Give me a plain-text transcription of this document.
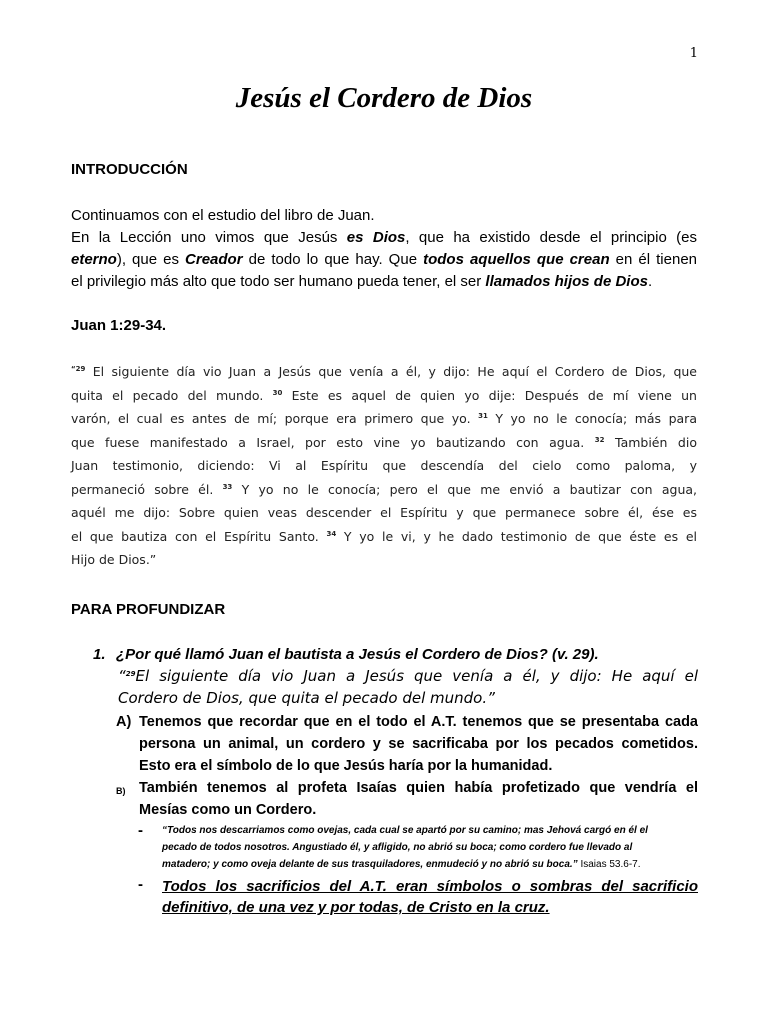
1
Jesús el Cordero de Dios
INTRODUCCIÓN
Continuamos con el estudio del libro de Juan.
En la Lección uno vimos que Jesús es Dios, que ha existido desde el principio (es
eterno), que es Creador de todo lo que hay. Que todos aquellos que crean en él tienen
el privilegio más alto que todo ser humano pueda tener, el ser llamados hijos de Dios.
Juan 1:29-34.
$^{“29}$ El siguiente día vio Juan a Jesús que venía a él, y dijo: He aquí el Cordero de Dios, que
quita el pecado del mundo. $^{30}$ Este es aquel de quien yo dije: Después de mí viene un
varón, el cual es antes de mí; porque era primero que yo. $^{31}$ Y yo no le conocía; más para
que fuese manifestado a Israel, por esto vine yo bautizando con agua. $^{32}$ También dio
Juan testimonio, diciendo: Vi al Espíritu que descendía del cielo como paloma, y
permaneció sobre él. $^{33}$ Y yo no le conocía; pero el que me envió a bautizar con agua,
aquél me dijo: Sobre quien veas descender el Espíritu y que permanece sobre él, ése es
el que bautiza con el Espíritu Santo. $^{34}$ Y yo le vi, y he dado testimonio de que éste es el
Hijo de Dios.”
PARA PROFUNDIZAR
1. ¿Por qué llamó Juan el bautista a Jesús el Cordero de Dios? (v. 29).
“$^{29}$El siguiente día vio Juan a Jesús que venía a él, y dijo: He aquí el
Cordero de Dios, que quita el pecado del mundo.”
A) Tenemos que recordar que en el todo el A.T. tenemos que se presentaba cada
persona un animal, un cordero y se sacrificaba por los pecados cometidos.
Esto era el símbolo de lo que Jesús haría por la humanidad.
B) También tenemos al profeta Isaías quien había profetizado que vendría el
Mesías como un Cordero.
- “Todos nos descarriamos como ovejas, cada cual se apartó por su camino; mas Jehová cargó en él el
pecado de todos nosotros. Angustiado él, y afligido, no abrió su boca; como cordero fue llevado al
matadero; y como oveja delante de sus trasquiladores, enmudeció y no abrió su boca.” Isaias 53.6-7.
- Todos los sacrificios del A.T. eran símbolos o sombras del sacrificio
definitivo, de una vez y por todas, de Cristo en la cruz.
